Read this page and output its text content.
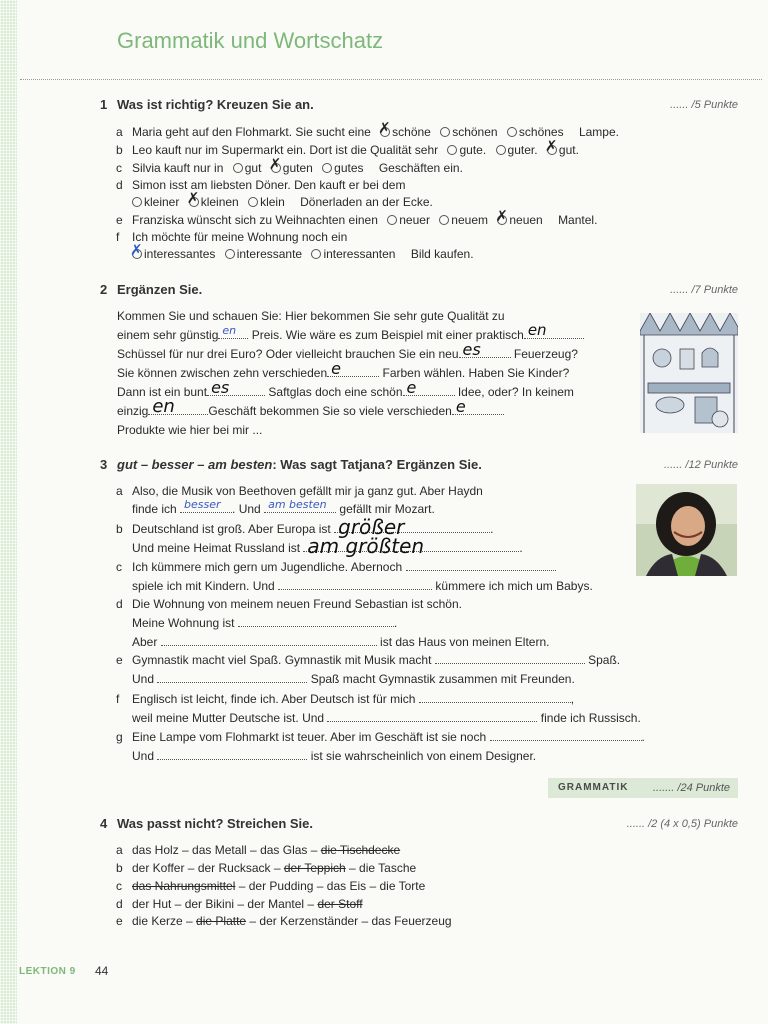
Grammatik und Wortschatz
1 Was ist richtig? Kreuzen Sie an.	...... /5 Punkte
a Maria geht auf den Flohmarkt. Sie sucht eine ✗ schöne schönen schönes Lampe.
b Leo kauft nur im Supermarkt ein. Dort ist die Qualität sehr gute. guter. ✗ gut.
c Silvia kauft nur in gut ✗ guten gutes Geschäften ein.
d Simon isst am liebsten Döner. Den kauft er bei dem
kleiner ✗ kleinen klein Dönerladen an der Ecke.
e Franziska wünscht sich zu Weihnachten einen neuer neuem ✗ neuen Mantel.
f	Ich möchte für meine Wohnung noch ein
✗interessantes interessante interessanten Bild kaufen.
2 Ergänzen Sie.	...... /7 Punkte
Kommen Sie und schauen Sie: Hier bekommen Sie sehr gute Qualität zu
einem sehr günstig en Preis. Wie wäre es zum Beispiel mit einer praktisch en
Schüssel für nur drei Euro? Oder vielleicht brauchen Sie ein neu es	Feuerzeug?
Sie können zwischen zehn verschieden e	Farben wählen. Haben Sie Kinder?
Dann ist ein bunt es	Saftglas doch eine schön e	Idee, oder? In keinem
einzig en	Geschäft bekommen Sie so viele verschieden e
Produkte wie hier bei mir ...
3 gut – besser – am besten: Was sagt Tatjana? Ergänzen Sie.	...... /12 Punkte
a Also, die Musik von Beethoven gefällt mir ja ganz gut. Aber Haydn
finde ich besser . Und am besten gefällt mir Mozart.
b Deutschland ist groß. Aber Europa ist größer	.
Und meine Heimat Russland ist am größten	.
c Ich kümmere mich gern um Jugendliche. Abernoch
spiele ich mit Kindern. Und	kümmere ich mich um Babys.
d Die Wohnung von meinem neuen Freund Sebastian ist schön.
Meine Wohnung ist	.
Aber	ist das Haus von meinen Eltern.
e Gymnastik macht viel Spaß. Gymnastik mit Musik macht	Spaß.
Und	Spaß macht Gymnastik zusammen mit Freunden.
f	Englisch ist leicht, finde ich. Aber Deutsch ist für mich	,
weil meine Mutter Deutsche ist. Und	finde ich Russisch.
g Eine Lampe vom Flohmarkt ist teuer. Aber im Geschäft ist sie noch	.
Und	ist sie wahrscheinlich von einem Designer.
GRAMMATIK ....... /24 Punkte
4 Was passt nicht? Streichen Sie.	...... /2 (4 x 0,5) Punkte
a das Holz – das Metall – das Glas – die Tischdecke
b der Koffer – der Rucksack – der Teppich – die Tasche
c das Nahrungsmittel – der Pudding – das Eis – die Torte
d der Hut – der Bikini – der Mantel – der Stoff
e die Kerze – die Platte – der Kerzenständer – das Feuerzeug
LEKTION 9 44
